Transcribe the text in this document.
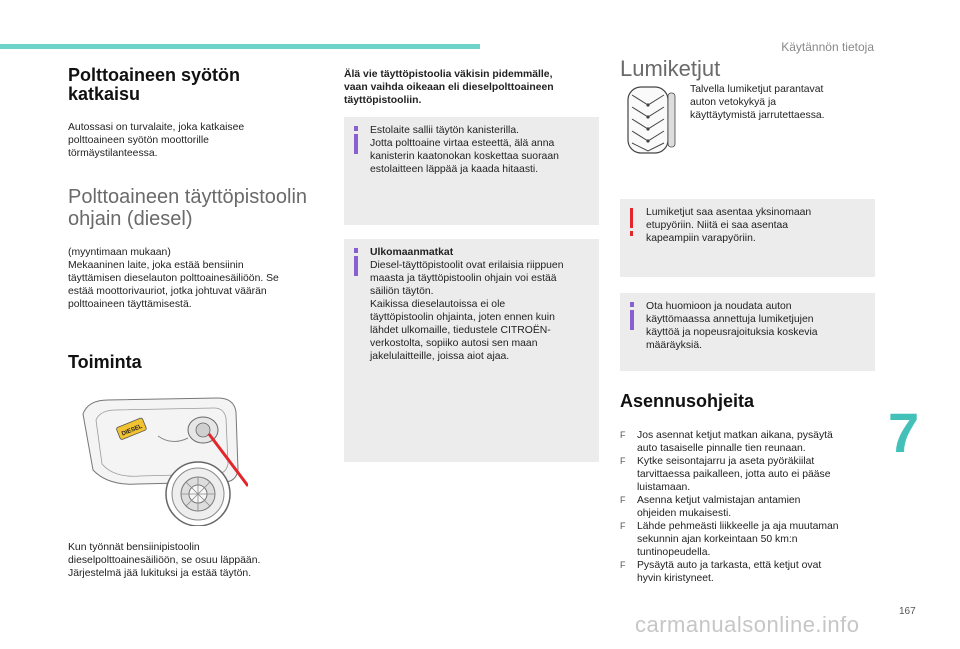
Käytännön tietoja
7
167
carmanualsonline.info
Polttoaineen syötön
katkaisu

Autossasi on turvalaite, joka katkaisee
polttoaineen syötön moottorille
törmäystilanteessa.

Polttoaineen täyttöpistoolin
ohjain (diesel)

(myyntimaan mukaan)
Mekaaninen laite, joka estää bensiinin
täyttämisen dieselauton polttoainesäiliöön. Se
estää moottorivauriot, jotka johtuvat väärän
polttoaineen täyttämisestä.

Toiminta
DIESEL

Kun työnnät bensiinipistoolin
dieselpolttoainesäiliöön, se osuu läppään.
Järjestelmä jää lukituksi ja estää täytön.

Älä vie täyttöpistoolia väkisin pidemmälle,
vaan vaihda oikeaan eli dieselpolttoaineen
täyttöpistooliin.

Estolaite sallii täytön kanisterilla.
Jotta polttoaine virtaa esteettä, älä anna
kanisterin kaatonokan koskettaa suoraan
estolaitteen läppää ja kaada hitaasti.

Ulkomaanmatkat

Diesel-täyttöpistoolit ovat erilaisia riippuen
maasta ja täyttöpistoolin ohjain voi estää
säiliön täytön.
Kaikissa dieselautoissa ei ole
täyttöpistoolin ohjainta, joten ennen kuin
lähdet ulkomaille, tiedustele CITROËN-
verkostolta, sopiiko autosi sen maan
jakelulaitteille, joissa aiot ajaa.

Lumiketjut

Talvella lumiketjut parantavat
auton vetokykyä ja
käyttäytymistä jarrutettaessa.

Lumiketjut saa asentaa yksinomaan
etupyöriin. Niitä ei saa asentaa
kapeampiin varapyöriin.

Ota huomioon ja noudata auton
käyttömaassa annettuja lumiketjujen
käyttöä ja nopeusrajoituksia koskevia
määräyksiä.

Asennusohjeita
F Jos asennat ketjut matkan aikana, pysäytä
auto tasaiselle pinnalle tien reunaan.

F Kytke seisontajarru ja aseta pyöräkiilat
tarvittaessa paikalleen, jotta auto ei pääse
luistamaan.

F Asenna ketjut valmistajan antamien
ohjeiden mukaisesti.

F Lähde pehmeästi liikkeelle ja aja muutaman
sekunnin ajan korkeintaan 50 km:n
tuntinopeudella.

F Pysäytä auto ja tarkasta, että ketjut ovat
hyvin kiristyneet.
